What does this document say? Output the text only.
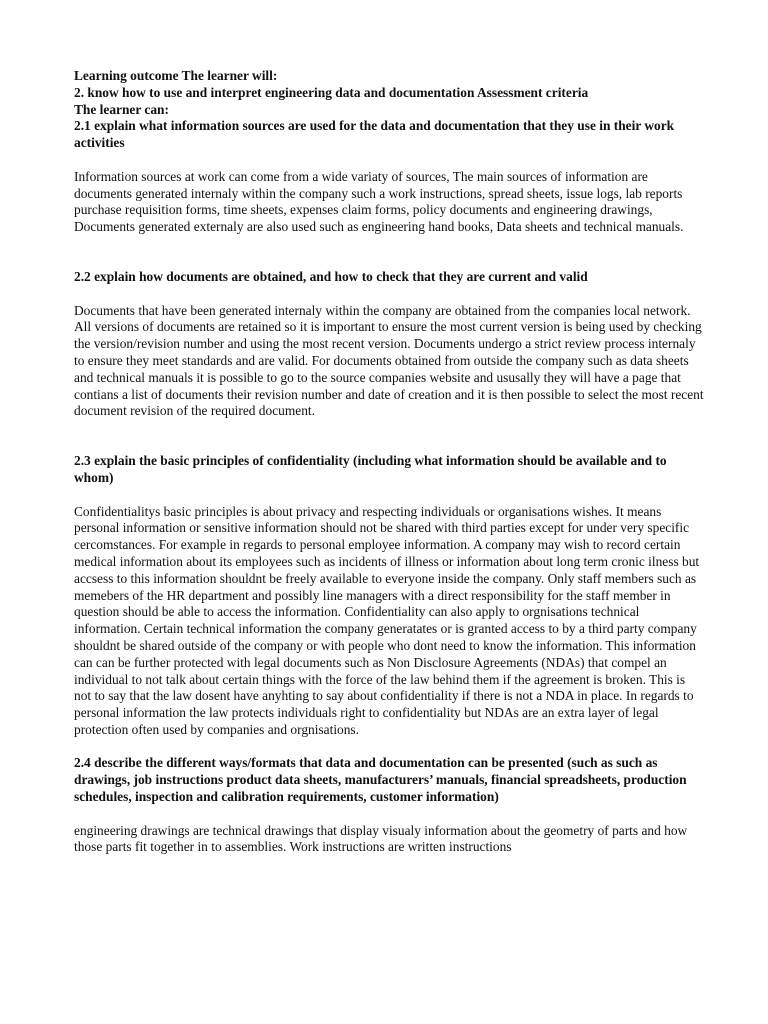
Learning outcome The learner will:
2. know how to use and interpret engineering data and documentation Assessment criteria
The learner can:

2.1 explain what information sources are used for the data and documentation that they use in their work activities

Information sources at work can come from a wide variaty of sources, The main sources of information are documents generated internaly within the company such a work instructions, spread sheets, issue logs, lab reports purchase requisition forms, time sheets, expenses claim forms, policy documents and engineering drawings, Documents generated externaly are also used such as engineering hand books, Data sheets and technical manuals.

2.2 explain how documents are obtained, and how to check that they are current and valid

Documents that have been generated internaly within the company are obtained from the companies local network. All versions of documents are retained so it is important to ensure the most current version is being used by checking the version/revision number and using the most recent version. Documents undergo a strict review process internaly to ensure they meet standards and are valid. For documents obtained from outside the company such as data sheets and technical manuals it is possible to go to the source companies website and ususally they will have a page that contians a list of documents their revision number and date of creation and it is then possible to select the most recent document revision of the required document.

2.3 explain the basic principles of confidentiality (including what information should be available and to whom)

Confidentialitys basic principles is about privacy and respecting individuals or organisations wishes. It means personal information or sensitive information should not be shared with third parties except for under very specific cercomstances. For example in regards to personal employee information. A company may wish to record certain medical information about its employees such as incidents of illness or information about long term cronic ilness but accsess to this information shouldnt be freely available to everyone inside the company. Only staff members such as memebers of the HR department and possibly line managers with a direct responsibility for the staff member in question should be able to access the information. Confidentiality can also apply to orgnisations technical information. Certain technical information the company generatates or is granted access to by a third party company shouldnt be shared outside of the company or with people who dont need to know the information. This information can can be further protected with legal documents such as Non Disclosure Agreements (NDAs) that compel an individual to not talk about certain things with the force of the law behind them if the agreement is broken. This is not to say that the law dosent have anyhting to say about confidentiality if there is not a NDA in place. In regards to personal information the law protects individuals right to confidentiality but NDAs are an extra layer of legal protection often used by companies and orgnisations.

2.4 describe the different ways/formats that data and documentation can be presented (such as such as drawings, job instructions product data sheets, manufacturers’ manuals, financial spreadsheets, production schedules, inspection and calibration requirements, customer information)

engineering drawings are technical drawings that display visualy information about the geometry of parts and how those parts fit together in to assemblies. Work instructions are written instructions
